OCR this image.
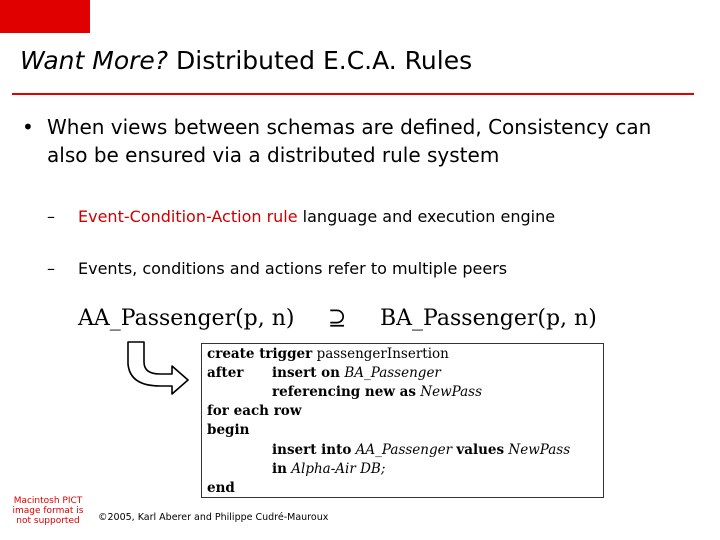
Want More? Distributed E.C.A. Rules
• When views between schemas are defined, Consistency can also be ensured via a distributed rule system
– Event-Condition-Action rule language and execution engine
– Events, conditions and actions refer to multiple peers
AA_Passenger(p, n) ⊇ BA_Passenger(p, n)
create trigger passengerInsertion
after insert on BA_Passenger
referencing new as NewPass
for each row
begin
insert into AA_Passenger values NewPass
in Alpha-Air DB;
end
Macintosh PICT image format is not supported	©2005, Karl Aberer and Philippe Cudré-Mauroux
